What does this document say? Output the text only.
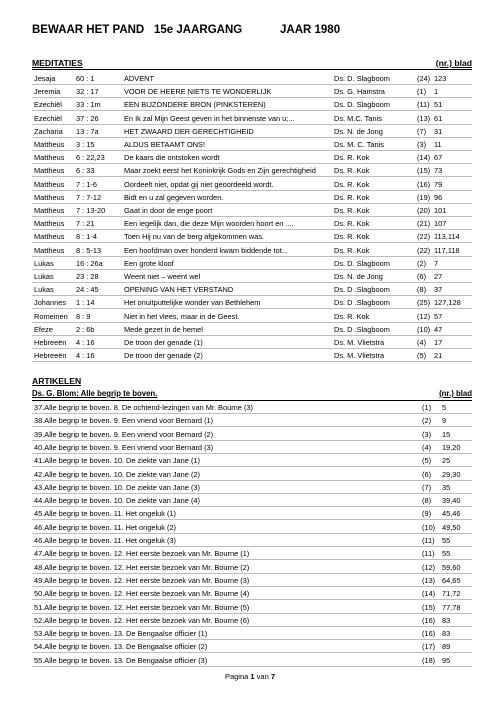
BEWAAR HET PAND 15e JAARGANG	JAAR 1980
MEDITATIES	(nr.) blad
Jesaja	60 : 1	ADVENT	Ds. D. Slagboom	(24) 123
Jeremia	32 : 17	VOOR DE HEERE NIETS TE WONDERLIJK	Ds. G. Hamstra	(1)	1
Ezechiël	33 : 1m	EEN BIJZONDERE BRON (PINKSTEREN)	Ds. D. Slagboom	(11) 51
Ezechiël	37 : 26	En Ik zal Mijn Geest geven in het binnenste van u;...	Ds. M.C. Tanis	(13) 61
Zacharia	13 : 7a	HET ZWAARD DER GERECHTIGHEID	Ds. N. de Jong	(7)	31
Mattheus	3 : 15	ALDUS BETAAMT ONS!	Ds. M. C. Tanis	(3)	11
Mattheus	6 : 22,23	De kaars die ontstoken wordt	Ds. R. Kok	(14) 67
Mattheus	6 : 33	Maar zoekt eerst het Koninkrijk Gods en Zijn gerechtigheid	Ds. R. Kok	(15) 73
Mattheus	7 : 1-6	Oordeelt niet, opdat gij niet geoordeeld wordt.	Ds. R. Kok	(16) 79
Mattheus	7 : 7-12	Bidt en u zal gegeven worden.	Ds. R. Kok	(19) 96
Mattheus	7 : 13-20	Gaat in door de enge poort	Ds. R. Kok	(20) 101
Mattheus	7 : 21	Een iegelijk dan, die deze Mijn woorden hoort en ....	Ds. R. Kok	(21) 107
Mattheus	8 : 1-4	Toen Hij nu van de berg afgekommen was.	Ds. R. Kok	(22) 113,114
Mattheus	8 : 5-13	Een hoofdman over honderd kwam biddende tot...	Ds. R. Kok	(22) 117,118
Lukas	16 : 26a	Een grote kloof	Ds. D. Slagboom	(2)	7
Lukas	23 : 28	Weent niet – weent wel	Ds. N. de Jong	(6)	27
Lukas	24 : 45	OPENING VAN HET VERSTAND	Ds. D .Slagboom	(8)	37
Johannes	1 : 14	Het onuitputtelijke wonder van Bethlehem	Ds. D .Slagboom	(25) 127,128
Romeinen	8 : 9	Niet in het vlees, maar in de Geest.	Ds. R. Kok	(12) 57
Efeze	2 : 6b	Mede gezet in de hemel	Ds. D .Slagboom	(10) 47
Hebreeën	4 : 16	De troon der genade (1)	Ds. M. Vlietstra	(4)	17
Hebreeën	4 : 16	De troon der genade (2)	Ds. M. Vlietstra	(5)	21
ARTIKELEN
Ds. G. Blom: Alle begrip te boven.	(nr.) blad
37.Alle begrip te boven. 8. De ochtend-lezingen van Mr. Bourne (3)	(1)	5
38.Alle begrip te boven. 9. Een vriend voor Bernard (1)	(2)	9
39.Alle begrip te boven. 9. Een vriend voor Bernard (2)	(3)	15
40.Alle begrip te boven. 9. Een vriend voor Bernard (3)	(4)	19,20
41.Alle begrip te boven. 10. De ziekte van Jane (1)	(5)	25
42.Alle begrip te boven. 10. De ziekte van Jane (2)	(6)	29,30
43.Alle begrip te boven. 10. De ziekte van Jane (3)	(7)	35
44.Alle begrip te boven. 10. De ziekte van Jane (4)	(8)	39,40
45.Alle begrip te boven. 11. Het ongeluk (1)	(9)	45,46
46.Alle begrip te boven. 11. Het ongeluk (2)	(10) 49,50
46.Alle begrip te boven. 11. Het ongeluk (3)	(11)	55
47.Alle begrip te boven. 12. Het eerste bezoek van Mr. Bourne (1)	(11)	55
48.Alle begrip te boven. 12. Het eerste bezoek van Mr. Bourne (2)	(12) 59,60
49.Alle begrip te boven. 12. Het eerste bezoek van Mr. Bourne (3)	(13) 64,65
50.Alle begrip te boven. 12. Het eerste bezoek van Mr. Bourne (4)	(14) 71,72
51.Alle begrip te boven. 12. Het eerste bezoek van Mr. Bourne (5)	(15) 77,78
52.Alle begrip te boven. 12. Het eerste bezoek van Mr. Bourne (6)	(16) 83
53.Alle begrip te boven. 13. De Bengaalse officier (1)	(16) 83
54.Alle begrip te boven. 13. De Bengaalse officier (2)	(17) 89
55.Alle begrip te boven. 13. De Bengaalse officier (3)	(18) 95
Pagina 1 van 7
